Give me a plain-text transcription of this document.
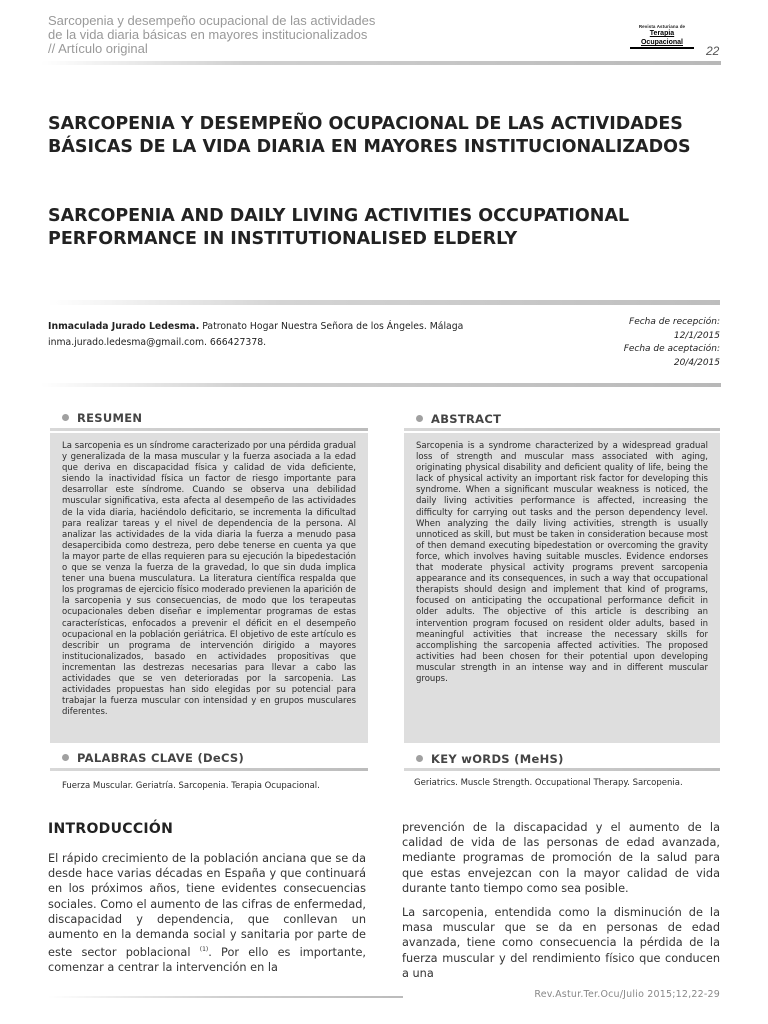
Sarcopenia y desempeño ocupacional de las actividades
de la vida diaria básicas en mayores institucionalizados
// Artículo original
Revista Asturiana de
Terapia Ocupacional
22
SARCOPENIA Y DESEMPEÑO OCUPACIONAL DE LAS ACTIVIDADES BÁSICAS DE LA VIDA DIARIA EN MAYORES INSTITUCIONALIZADOS
SARCOPENIA AND DAILY LIVING ACTIVITIES OCCUPATIONAL PERFORMANCE IN INSTITUTIONALISED ELDERLY
Inmaculada Jurado Ledesma. Patronato Hogar Nuestra Señora de los Ángeles. Málaga
inma.jurado.ledesma@gmail.com. 666427378.
Fecha de recepción:
12/1/2015
Fecha de aceptación:
20/4/2015
RESUMEN
La sarcopenia es un síndrome caracterizado por una pérdida gradual y generalizada de la masa muscular y la fuerza asociada a la edad que deriva en discapacidad física y calidad de vida deficiente, siendo la inactividad física un factor de riesgo importante para desarrollar este síndrome. Cuando se observa una debilidad muscular significativa, esta afecta al desempeño de las actividades de la vida diaria, haciéndolo deficitario, se incrementa la dificultad para realizar tareas y el nivel de dependencia de la persona. Al analizar las actividades de la vida diaria la fuerza a menudo pasa desapercibida como destreza, pero debe tenerse en cuenta ya que la mayor parte de ellas requieren para su ejecución la bipedestación o que se venza la fuerza de la gravedad, lo que sin duda implica tener una buena musculatura. La literatura científica respalda que los programas de ejercicio físico moderado previenen la aparición de la sarcopenia y sus consecuencias, de modo que los terapeutas ocupacionales deben diseñar e implementar programas de estas características, enfocados a prevenir el déficit en el desempeño ocupacional en la población geriátrica. El objetivo de este artículo es describir un programa de intervención dirigido a mayores institucionalizados, basado en actividades propositivas que incrementan las destrezas necesarias para llevar a cabo las actividades que se ven deterioradas por la sarcopenia. Las actividades propuestas han sido elegidas por su potencial para trabajar la fuerza muscular con intensidad y en grupos musculares diferentes.
ABSTRACT
Sarcopenia is a syndrome characterized by a widespread gradual loss of strength and muscular mass associated with aging, originating physical disability and deficient quality of life, being the lack of physical activity an important risk factor for developing this syndrome. When a significant muscular weakness is noticed, the daily living activities performance is affected, increasing the difficulty for carrying out tasks and the person dependency level. When analyzing the daily living activities, strength is usually unnoticed as skill, but must be taken in consideration because most of then demand executing bipedestation or overcoming the gravity force, which involves having suitable muscles. Evidence endorses that moderate physical activity programs prevent sarcopenia appearance and its consequences, in such a way that occupational therapists should design and implement that kind of programs, focused on anticipating the occupational performance deficit in older adults. The objective of this article is describing an intervention program focused on resident older adults, based in meaningful activities that increase the necessary skills for accomplishing the sarcopenia affected activities. The proposed activities had been chosen for their potential upon developing muscular strength in an intense way and in different muscular groups.
PALABRAS CLAVE (DeCS)
Fuerza Muscular. Geriatría. Sarcopenia. Terapia Ocupacional.
KEY wORDS (MeHS)
Geriatrics. Muscle Strength. Occupational Therapy. Sarcopenia.
INTRODUCCIÓN

El rápido crecimiento de la población anciana que se da desde hace varias décadas en España y que continuará en los próximos años, tiene evidentes consecuencias sociales. Como el aumento de las cifras de enfermedad, discapacidad y dependencia, que conllevan un aumento en la demanda social y sanitaria por parte de este sector poblacional $^{(1)}$. Por ello es importante, comenzar a centrar la intervención en la

prevención de la discapacidad y el aumento de la calidad de vida de las personas de edad avanzada, mediante programas de promoción de la salud para que estas envejezcan con la mayor calidad de vida durante tanto tiempo como sea posible.

La sarcopenia, entendida como la disminución de la masa muscular que se da en personas de edad avanzada, tiene como consecuencia la pérdida de la fuerza muscular y del rendimiento físico que conducen a una

Rev.Astur.Ter.Ocu/Julio 2015;12,22-29
